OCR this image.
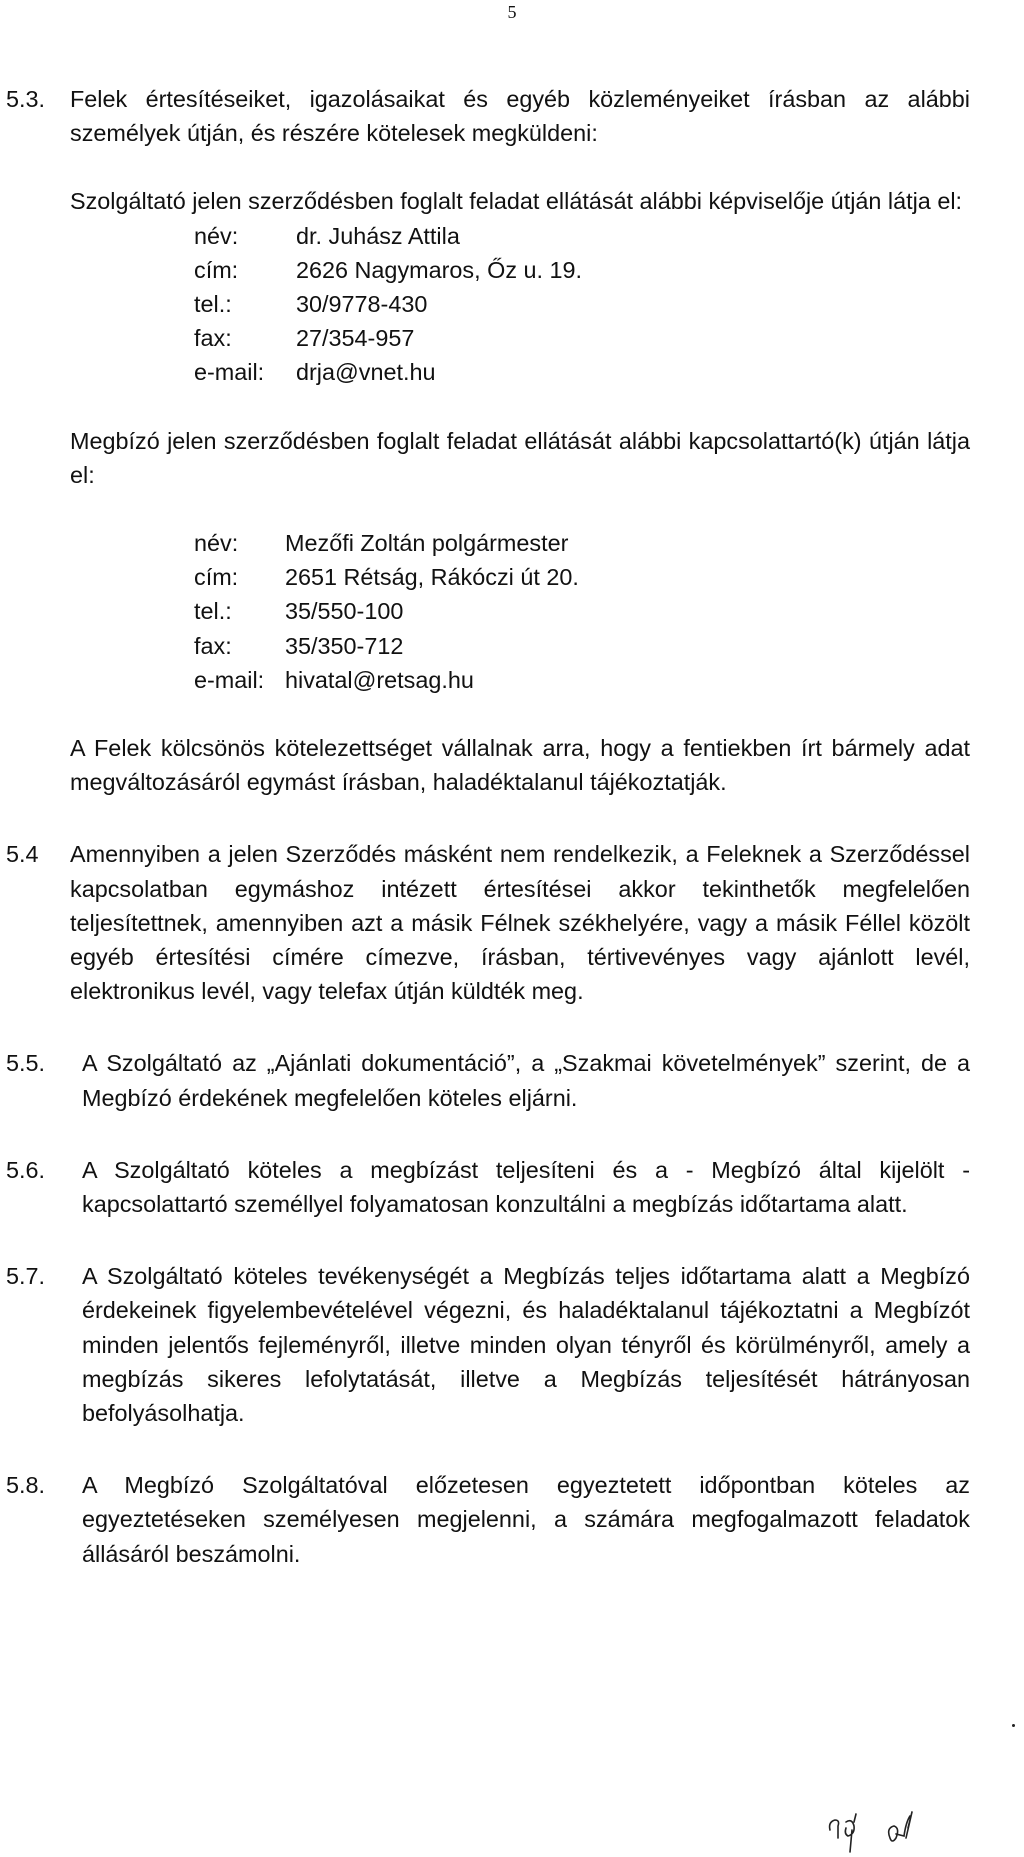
5
5.3. Felek értesítéseiket, igazolásaikat és egyéb közleményeiket írásban az alábbi személyek útján, és részére kötelesek megküldeni:

Szolgáltató jelen szerződésben foglalt feladat ellátását alábbi képviselője útján látja el:

név:	dr. Juhász Attila
cím:	2626 Nagymaros, Őz u. 19.
tel.:	30/9778-430
fax:	27/354-957
e-mail:	drja@vnet.hu

Megbízó jelen szerződésben foglalt feladat ellátását alábbi kapcsolattartó(k) útján látja el:

név:	Mezőfi Zoltán polgármester
cím:	2651 Rétság, Rákóczi út 20.
tel.:	35/550-100
fax:	35/350-712
e-mail: hivatal@retsag.hu

A Felek kölcsönös kötelezettséget vállalnak arra, hogy a fentiekben írt bármely adat megváltozásáról egymást írásban, haladéktalanul tájékoztatják.

5.4 Amennyiben a jelen Szerződés másként nem rendelkezik, a Feleknek a Szerződéssel kapcsolatban egymáshoz intézett értesítései akkor tekinthetők megfelelően teljesítettnek, amennyiben azt a másik Félnek székhelyére, vagy a másik Féllel közölt egyéb értesítési címére címezve, írásban, tértivevényes vagy ajánlott levél, elektronikus levél, vagy telefax útján küldték meg.

5.5. A Szolgáltató az „Ajánlati dokumentáció”, a „Szakmai követelmények” szerint, de a Megbízó érdekének megfelelően köteles eljárni.

5.6. A Szolgáltató köteles a megbízást teljesíteni és a - Megbízó által kijelölt - kapcsolattartó személlyel folyamatosan konzultálni a megbízás időtartama alatt.

5.7. A Szolgáltató köteles tevékenységét a Megbízás teljes időtartama alatt a Megbízó érdekeinek figyelembevételével végezni, és haladéktalanul tájékoztatni a Megbízót minden jelentős fejleményről, illetve minden olyan tényről és körülményről, amely a megbízás sikeres lefolytatását, illetve a Megbízás teljesítését hátrányosan befolyásolhatja.

5.8. A Megbízó Szolgáltatóval előzetesen egyeztetett időpontban köteles az egyeztetéseken személyesen megjelenni, a számára megfogalmazott feladatok állásáról beszámolni.
